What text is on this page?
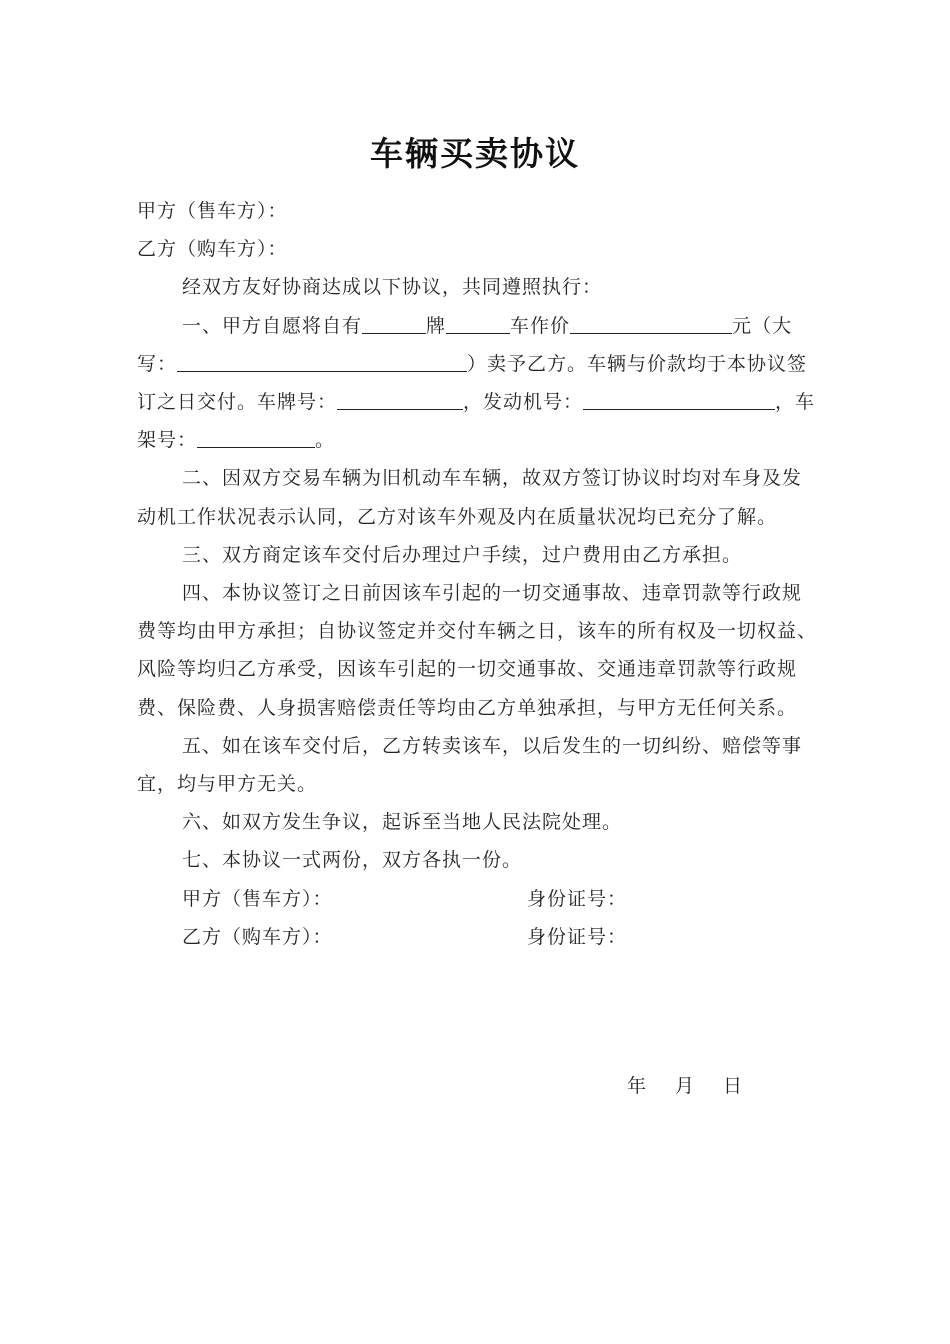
车辆买卖协议

甲方（售车方）：

乙方（购车方）：

经双方友好协商达成以下协议，共同遵照执行：

一、甲方自愿将自有	牌	车作价	元（大写：	）卖予乙方。车辆与价款均于本协议签订之日交付。车牌号：	，发动机号：	，车架号：	。

二、因双方交易车辆为旧机动车车辆，故双方签订协议时均对车身及发动机工作状况表示认同，乙方对该车外观及内在质量状况均已充分了解。

三、双方商定该车交付后办理过户手续，过户费用由乙方承担。

四、本协议签订之日前因该车引起的一切交通事故、违章罚款等行政规费等均由甲方承担；自协议签定并交付车辆之日，该车的所有权及一切权益、风险等均归乙方承受，因该车引起的一切交通事故、交通违章罚款等行政规费、保险费、人身损害赔偿责任等均由乙方单独承担，与甲方无任何关系。

五、如在该车交付后，乙方转卖该车，以后发生的一切纠纷、赔偿等事宜，均与甲方无关。

六、如双方发生争议，起诉至当地人民法院处理。

七、本协议一式两份，双方各执一份。

甲方（售车方）：	身份证号：
乙方（购车方）：	身份证号：
年 月 日
